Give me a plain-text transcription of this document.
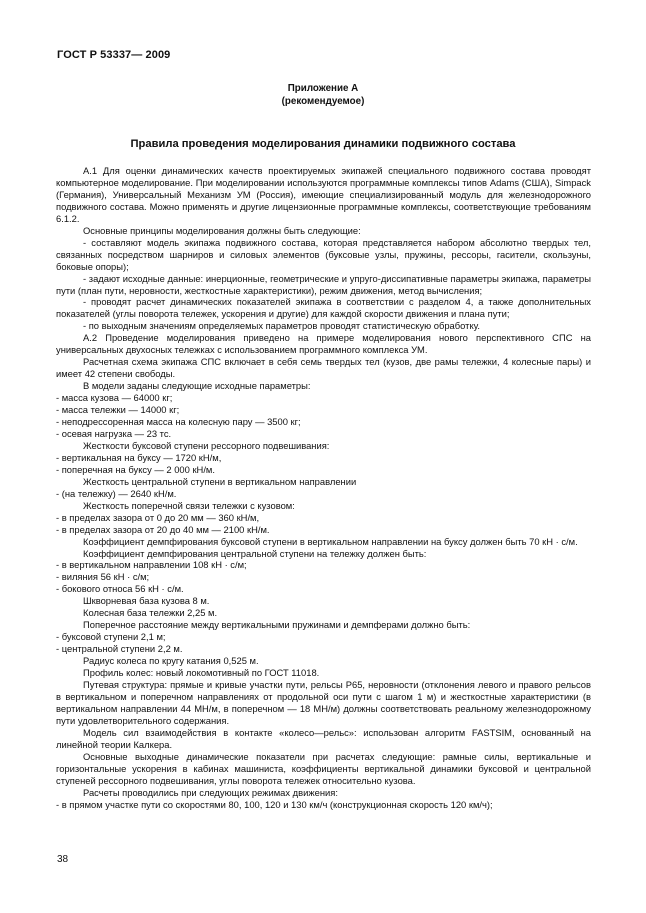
ГОСТ Р 53337— 2009
Приложение А
(рекомендуемое)
Правила проведения моделирования динамики подвижного состава

А.1 Для оценки динамических качеств проектируемых экипажей специального подвижного состава проводят компьютерное моделирование. При моделировании используются программные комплексы типов Adams (США), Simpack (Германия), Универсальный Механизм УМ (Россия), имеющие специализированный модуль для железнодорожного подвижного состава. Можно применять и другие лицензионные программные комплексы, соответствующие требованиям 6.1.2.

Основные принципы моделирования должны быть следующие:

- составляют модель экипажа подвижного состава, которая представляется набором абсолютно твердых тел, связанных посредством шарниров и силовых элементов (буксовые узлы, пружины, рессоры, гасители, скользуны, боковые опоры);

- задают исходные данные: инерционные, геометрические и упруго-диссипативные параметры экипажа, параметры пути (план пути, неровности, жесткостные характеристики), режим движения, метод вычисления;

- проводят расчет динамических показателей экипажа в соответствии с разделом 4, а также дополнительных показателей (углы поворота тележек, ускорения и другие) для каждой скорости движения и плана пути;

- по выходным значениям определяемых параметров проводят статистическую обработку.

А.2 Проведение моделирования приведено на примере моделирования нового перспективного СПС на универсальных двухосных тележках с использованием программного комплекса УМ.

Расчетная схема экипажа СПС включает в себя семь твердых тел (кузов, две рамы тележки, 4 колесные пары) и имеет 42 степени свободы.

В модели заданы следующие исходные параметры:

- масса кузова — 64000 кг;

- масса тележки — 14000 кг;

- неподрессоренная масса на колесную пару — 3500 кг;

- осевая нагрузка — 23 тс.

Жесткости буксовой ступени рессорного подвешивания:

- вертикальная на буксу — 1720 кН/м,

- поперечная на буксу — 2 000 кН/м.

Жесткость центральной ступени в вертикальном направлении

- (на тележку) — 2640 кН/м.

Жесткость поперечной связи тележки с кузовом:

- в пределах зазора от 0 до 20 мм — 360 кН/м,

- в пределах зазора от 20 до 40 мм — 2100 кН/м.

Коэффициент демпфирования буксовой ступени в вертикальном направлении на буксу должен быть 70 кН · с/м.

Коэффициент демпфирования центральной ступени на тележку должен быть:

- в вертикальном направлении 108 кН · с/м;

- виляния 56 кН · с/м;

- бокового относа 56 кН · с/м.

Шкворневая база кузова 8 м.

Колесная база тележки 2,25 м.

Поперечное расстояние между вертикальными пружинами и демпферами должно быть:

- буксовой ступени 2,1 м;

- центральной ступени 2,2 м.

Радиус колеса по кругу катания 0,525 м.

Профиль колес: новый локомотивный по ГОСТ 11018.

Путевая структура: прямые и кривые участки пути, рельсы Р65, неровности (отклонения левого и правого рельсов в вертикальном и поперечном направлениях от продольной оси пути с шагом 1 м) и жесткостные характеристики (в вертикальном направлении 44 МН/м, в поперечном — 18 МН/м) должны соответствовать реальному железнодорожному пути удовлетворительного содержания.

Модель сил взаимодействия в контакте «колесо—рельс»: использован алгоритм FASTSIM, основанный на линейной теории Калкера.

Основные выходные динамические показатели при расчетах следующие: рамные силы, вертикальные и горизонтальные ускорения в кабинах машиниста, коэффициенты вертикальной динамики буксовой и центральной ступеней рессорного подвешивания, углы поворота тележек относительно кузова.

Расчеты проводились при следующих режимах движения:

- в прямом участке пути со скоростями 80, 100, 120 и 130 км/ч (конструкционная скорость 120 км/ч);

38
